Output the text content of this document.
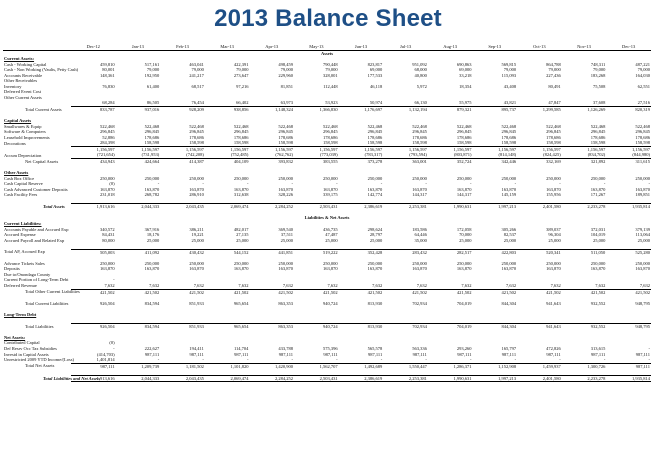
2013 Balance Sheet
	Dec-12	Jan-13	Feb-13	Mar-13	Apr-13	May-13	Jun-13	Jul-13	Aug-13	Sep-13	Oct-13	Nov-13	Dec-13
Assets													
Current Assets:													
Cash - Working Capital	459,810	517,161	463,041	422,391	498,459	790,448	823,817	951,092	690,863	569,815	864,788	748,311	487,221
Cash - Non Working (Vaults, Petty Cash)	80,001	79,000	79,000	79,000	79,000	79,000	69,000	68,000	69,000	79,000	79,000	79,000	79,000
Accounts Receivable	148,361	192,950	241,217	273,647	229,960	328,001	177,533	40,800	33,218	115,093	227,436	183,268	164,030
Other Receivables													
Inventory	76,830	61,400	68,517	97,216	81,851	112,448	46,118	5,972	18,354	43,408	80,491	75,508	62,551
Deferred Event Cost													
Other Current Assets													
	68,284	86,505	76,454	66,402	63,973	53,923	50,974	66,130	55,975	43,821	47,847	37,608	27,516
Total Current Assets	833,787	937,016	928,209	938,856	1,148,324	1,366,830	1,176,697	1,132,194	879,321	895,737	1,299,585	1,126,269	820,319

Capital Assets													
Smallwares & Equip	522,468	522,468	522,468	522,468	522,468	522,468	522,468	522,468	522,468	522,468	522,468	522,468	522,468
Software & Computers	296,845	296,845	296,845	296,845	296,845	296,845	296,845	296,845	296,845	296,845	296,845	296,845	296,845
Leasehold Improvements	52,886	178,686	178,686	178,686	178,686	178,686	178,686	178,686	178,686	178,686	178,686	178,686	178,686
Decorations	284,398	158,598	158,598	158,598	158,598	158,598	158,598	158,598	158,598	158,598	158,598	158,598	158,598
	1,156,597	1,156,597	1,156,597	1,156,597	1,156,597	1,156,597	1,156,597	1,156,597	1,156,597	1,156,597	1,156,597	1,156,597	1,156,597
Accum Depreciation	(721,654)	(731,953)	(742,208)	(752,485)	(762,762)	(773,039)	(783,317)	(793,594)	(803,871)	(814,148)	(824,425)	(834,702)	(844,980)
Net Capital Assets	434,943	424,664	414,387	404,109	393,832	383,555	373,278	363,001	352,724	342,446	332,169	321,892	311,615

Other Assets													
Cash Box Office	250,000	250,000	250,000	250,000	250,000	250,000	250,000	250,000	250,000	250,000	250,000	250,000	250,000
Cash Capital Reserve	(0)	-	-	-	-	-	-	-	-	-	-	-	-
Cash Advanced Customer Deposits	163,870	163,870	163,870	163,870	163,870	163,870	163,870	163,870	163,870	163,870	163,870	163,870	163,870
Cash Facility Fees	231,018	268,782	286,910	312,638	328,226	339,175	142,774	144,317	144,317	145,159	155,956	171,267	189,851

Total Assets	1,913,616	2,044,333	2,043,435	2,069,474	2,284,252	2,503,431	2,386,619	2,253,381	1,990,631	1,997,213	2,401,580	2,233,278	1,935,814

Liabilities & Net Assets													
Current Liabilities:													
Accounts Payable and Accrued Exp	340,572	367,916	386,211	482,017	369,540	436,735	298,624	183,586	172,058	305,266	389,037	372,031	379,139
Accrued Expense	84,431	18,176	19,221	27,135	37,511	47,487	28,797	64,446	70,000	82,537	96,304	104,019	113,064
Accrued Payroll and Related Exp	80,000	25,000	25,000	25,000	25,000	25,000	25,000	35,000	25,000	25,000	25,000	25,000	25,000

Total AP, Accrued Exp	505,003	411,092	430,432	544,152	441,851	519,222	352,428	283,432	282,517	422,803	520,341	511,050	525,280

Advance Tickets Sales	250,000	250,000	250,000	250,000	250,000	250,000	250,000	250,000	250,000	250,000	250,000	250,000	250,000
Deposits	163,870	163,870	163,870	163,870	163,870	163,870	163,870	163,870	163,870	163,870	163,870	163,870	163,870
Due to/Onondaga County													
Current Portion of Long-Term Debt	-												
Deferred Revenue	7,632	7,632	7,632	7,632	7,632	7,632	7,632	7,632	7,632	7,632	7,632	7,632	7,632
Total Other Current Liabilities	421,502	421,502	421,502	421,502	421,502	421,502	421,502	421,502	421,502	421,502	421,502	421,502	421,502

Total Current Liabilities	926,504	834,594	851,933	965,654	863,353	940,724	813,930	702,934	704,019	844,304	941,643	932,552	948,795

Long-Term Debt													

Total Liabilities	926,504	834,594	851,933	965,654	863,353	940,724	813,930	702,934	704,019	844,304	941,643	932,552	948,795

Net Assets:													
Contributed Capital	(0)												
Def Resrv Occ Tax Subsidies	-	222,627	194,411	114,704	433,788	575,396	565,578	563,336	293,260	165,797	472,826	313,615	-
Investd in Capital Assets	(414,703)	987,111	987,111	987,111	987,111	987,111	987,111	987,111	987,111	987,111	987,111	987,111	987,111
Unrestricted 2009 YTD Income/(Loss)	1,401,814	-	-	-	-	-	-	-	-	-	-	-	-
Total Net Assets	987,111	1,209,739	1,181,502	1,101,820	1,420,900	1,562,707	1,492,689	1,550,447	1,286,371	1,152,908	1,459,937	1,300,726	987,111

Total Liabilities and Net Assets	1,913,616	2,044,333	2,043,435	2,069,474	2,284,252	2,503,431	2,386,619	2,253,381	1,990,631	1,997,213	2,401,580	2,233,278	1,935,814
